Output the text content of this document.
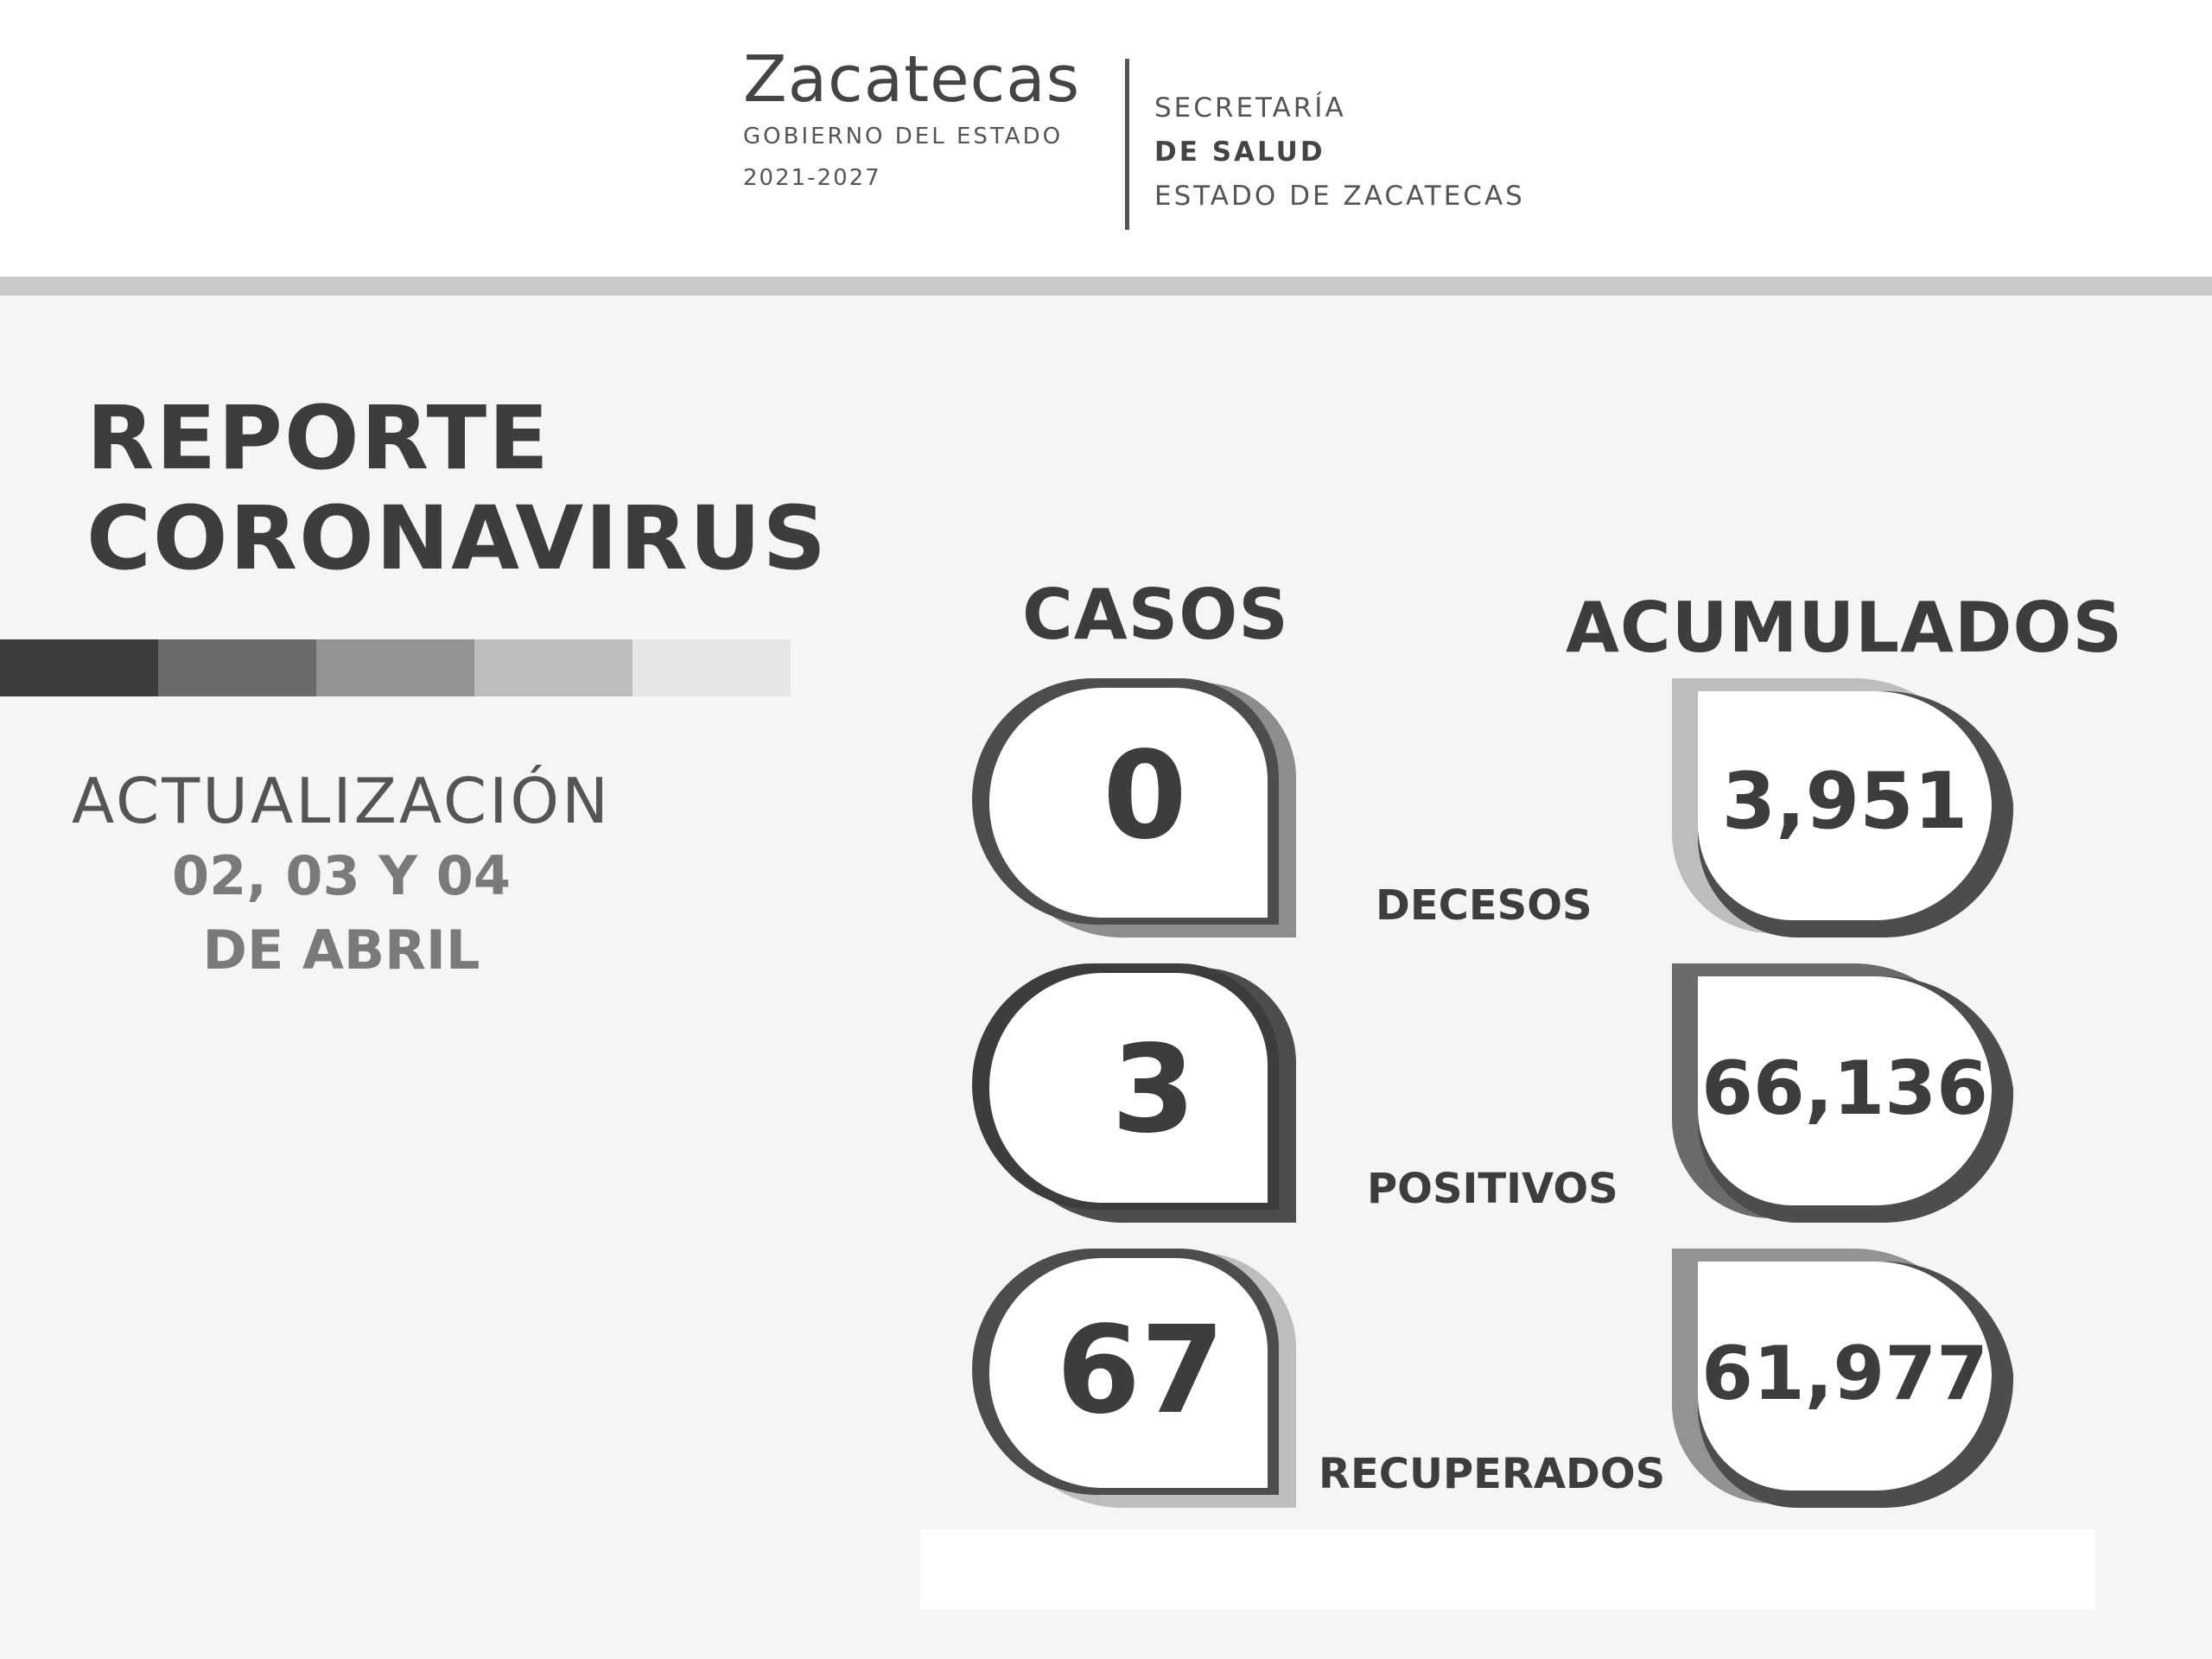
Zacatecas
GOBIERNO DEL ESTADO
2021-2027
SECRETARÍA
DE SALUD
ESTADO DE ZACATECAS
REPORTE
CORONAVIRUS
ACTUALIZACIÓN
02, 03 Y 04
DE ABRIL
CASOS	ACUMULADOS
0
3
67
DECESOS
POSITIVOS
RECUPERADOS
3,951
66,136
61,977
